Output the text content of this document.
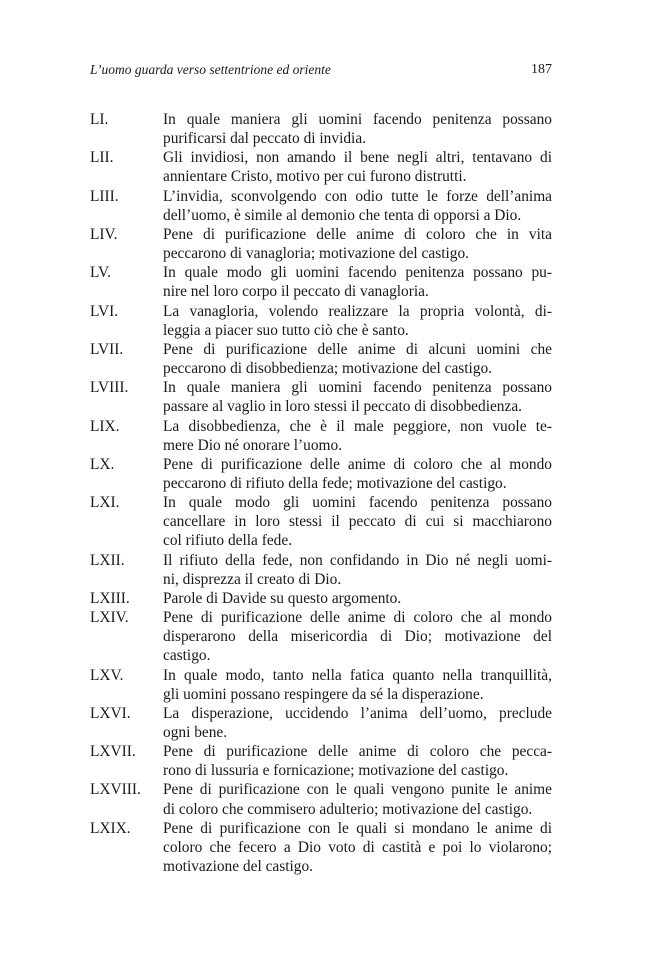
L’uomo guarda verso settentrione ed oriente	187
LI.	In quale maniera gli uomini facendo penitenza possano
purificarsi dal peccato di invidia.
LII.	Gli invidiosi, non amando il bene negli altri, tentavano di
annientare Cristo, motivo per cui furono distrutti.
LIII.	L’invidia, sconvolgendo con odio tutte le forze dell’anima
dell’uomo, è simile al demonio che tenta di opporsi a Dio.
LIV.	Pene di purificazione delle anime di coloro che in vita
peccarono di vanagloria; motivazione del castigo.
LV.	In quale modo gli uomini facendo penitenza possano pu-
nire nel loro corpo il peccato di vanagloria.
LVI.	La vanagloria, volendo realizzare la propria volontà, di-
leggia a piacer suo tutto ciò che è santo.
LVII.	Pene di purificazione delle anime di alcuni uomini che
peccarono di disobbedienza; motivazione del castigo.
LVIII.	In quale maniera gli uomini facendo penitenza possano
passare al vaglio in loro stessi il peccato di disobbedienza.
LIX.	La disobbedienza, che è il male peggiore, non vuole te-
mere Dio né onorare l’uomo.
LX.	Pene di purificazione delle anime di coloro che al mondo
peccarono di rifiuto della fede; motivazione del castigo.
LXI.	In quale modo gli uomini facendo penitenza possano
cancellare in loro stessi il peccato di cui si macchiarono
col rifiuto della fede.
LXII.	Il rifiuto della fede, non confidando in Dio né negli uomi-
ni, disprezza il creato di Dio.
LXIII.	Parole di Davide su questo argomento.
LXIV.	Pene di purificazione delle anime di coloro che al mondo
disperarono della misericordia di Dio; motivazione del
castigo.
LXV.	In quale modo, tanto nella fatica quanto nella tranquillità,
gli uomini possano respingere da sé la disperazione.
LXVI.	La disperazione, uccidendo l’anima dell’uomo, preclude
ogni bene.
LXVII.	Pene di purificazione delle anime di coloro che pecca-
rono di lussuria e fornicazione; motivazione del castigo.
LXVIII.	Pene di purificazione con le quali vengono punite le anime
di coloro che commisero adulterio; motivazione del castigo.
LXIX.	Pene di purificazione con le quali si mondano le anime di
coloro che fecero a Dio voto di castità e poi lo violarono;
motivazione del castigo.
